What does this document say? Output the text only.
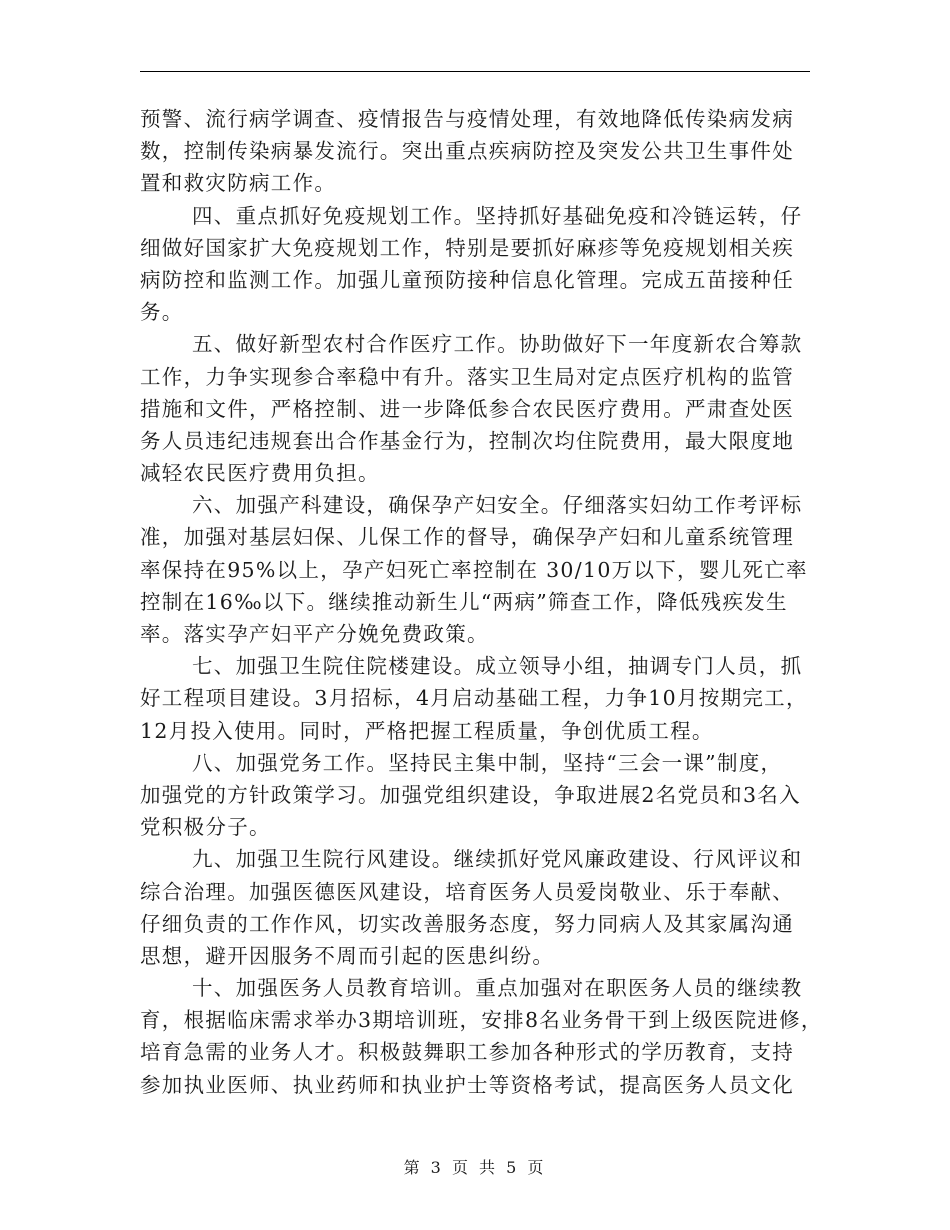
预警、流行病学调查、疫情报告与疫情处理，有效地降低传染病发病
数，控制传染病暴发流行。突出重点疾病防控及突发公共卫生事件处
置和救灾防病工作。
四、重点抓好免疫规划工作。坚持抓好基础免疫和冷链运转，仔
细做好国家扩大免疫规划工作，特别是要抓好麻疹等免疫规划相关疾
病防控和监测工作。加强儿童预防接种信息化管理。完成五苗接种任
务。
五、做好新型农村合作医疗工作。协助做好下一年度新农合筹款
工作，力争实现参合率稳中有升。落实卫生局对定点医疗机构的监管
措施和文件，严格控制、进一步降低参合农民医疗费用。严肃查处医
务人员违纪违规套出合作基金行为，控制次均住院费用，最大限度地
减轻农民医疗费用负担。
六、加强产科建设，确保孕产妇安全。仔细落实妇幼工作考评标
准，加强对基层妇保、儿保工作的督导，确保孕产妇和儿童系统管理
率保持在95%以上，孕产妇死亡率控制在 30/10万以下，婴儿死亡率
控制在16‰以下。继续推动新生儿“两病”筛查工作，降低残疾发生
率。落实孕产妇平产分娩免费政策。
七、加强卫生院住院楼建设。成立领导小组，抽调专门人员，抓
好工程项目建设。3月招标，4月启动基础工程，力争10月按期完工，
12月投入使用。同时，严格把握工程质量，争创优质工程。
八、加强党务工作。坚持民主集中制，坚持“三会一课”制度，
加强党的方针政策学习。加强党组织建设，争取进展2名党员和3名入
党积极分子。
九、加强卫生院行风建设。继续抓好党风廉政建设、行风评议和
综合治理。加强医德医风建设，培育医务人员爱岗敬业、乐于奉献、
仔细负责的工作作风，切实改善服务态度，努力同病人及其家属沟通
思想，避开因服务不周而引起的医患纠纷。
十、加强医务人员教育培训。重点加强对在职医务人员的继续教
育，根据临床需求举办3期培训班，安排8名业务骨干到上级医院进修，
培育急需的业务人才。积极鼓舞职工参加各种形式的学历教育，支持
参加执业医师、执业药师和执业护士等资格考试，提高医务人员文化
第 3 页 共 5 页
